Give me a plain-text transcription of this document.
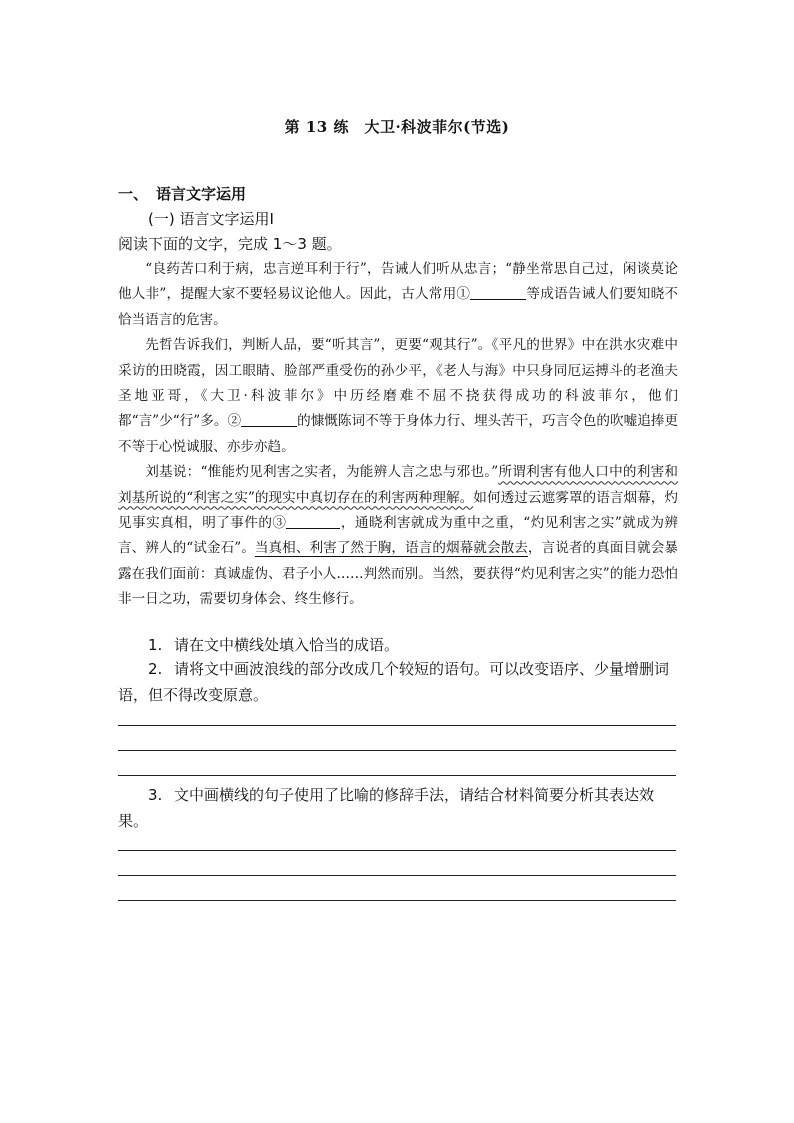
第 13 练　大卫·科波菲尔(节选)
一、 语言文字运用
(一) 语言文字运用Ⅰ
阅读下面的文字，完成 1～3 题。

“良药苦口利于病，忠言逆耳利于行”，告诫人们听从忠言；“静坐常思自己过，闲谈莫论他人非”，提醒大家不要轻易议论他人。因此，古人常用①	等成语告诫人们要知晓不恰当语言的危害。

先哲告诉我们，判断人品，要“听其言”，更要“观其行”。《平凡的世界》中在洪水灾难中采访的田晓霞，因工眼睛、脸部严重受伤的孙少平，《老人与海》中只身同厄运搏斗的老渔夫圣地亚哥，《大卫·科波菲尔》中历经磨难不屈不挠获得成功的科波菲尔，他们都“言”少“行”多。②	的慷慨陈词不等于身体力行、埋头苦干，巧言令色的吹嘘追捧更不等于心悦诚服、亦步亦趋。

刘基说：“惟能灼见利害之实者，为能辨人言之忠与邪也。”所谓利害有他人口中的利害和刘基所说的“利害之实”的现实中真切存在的利害两种理解。如何透过云遮雾罩的语言烟幕，灼见事实真相，明了事件的③	，通晓利害就成为重中之重，“灼见利害之实”就成为辨言、辨人的“试金石”。当真相、利害了然于胸，语言的烟幕就会散去，言说者的真面目就会暴露在我们面前：真诚虚伪、君子小人……判然而别。当然，要获得“灼见利害之实”的能力恐怕非一日之功，需要切身体会、终生修行。

1. 请在文中横线处填入恰当的成语。

2. 请将文中画波浪线的部分改成几个较短的语句。可以改变语序、少量增删词语，但不得改变原意。

3. 文中画横线的句子使用了比喻的修辞手法，请结合材料简要分析其表达效果。
